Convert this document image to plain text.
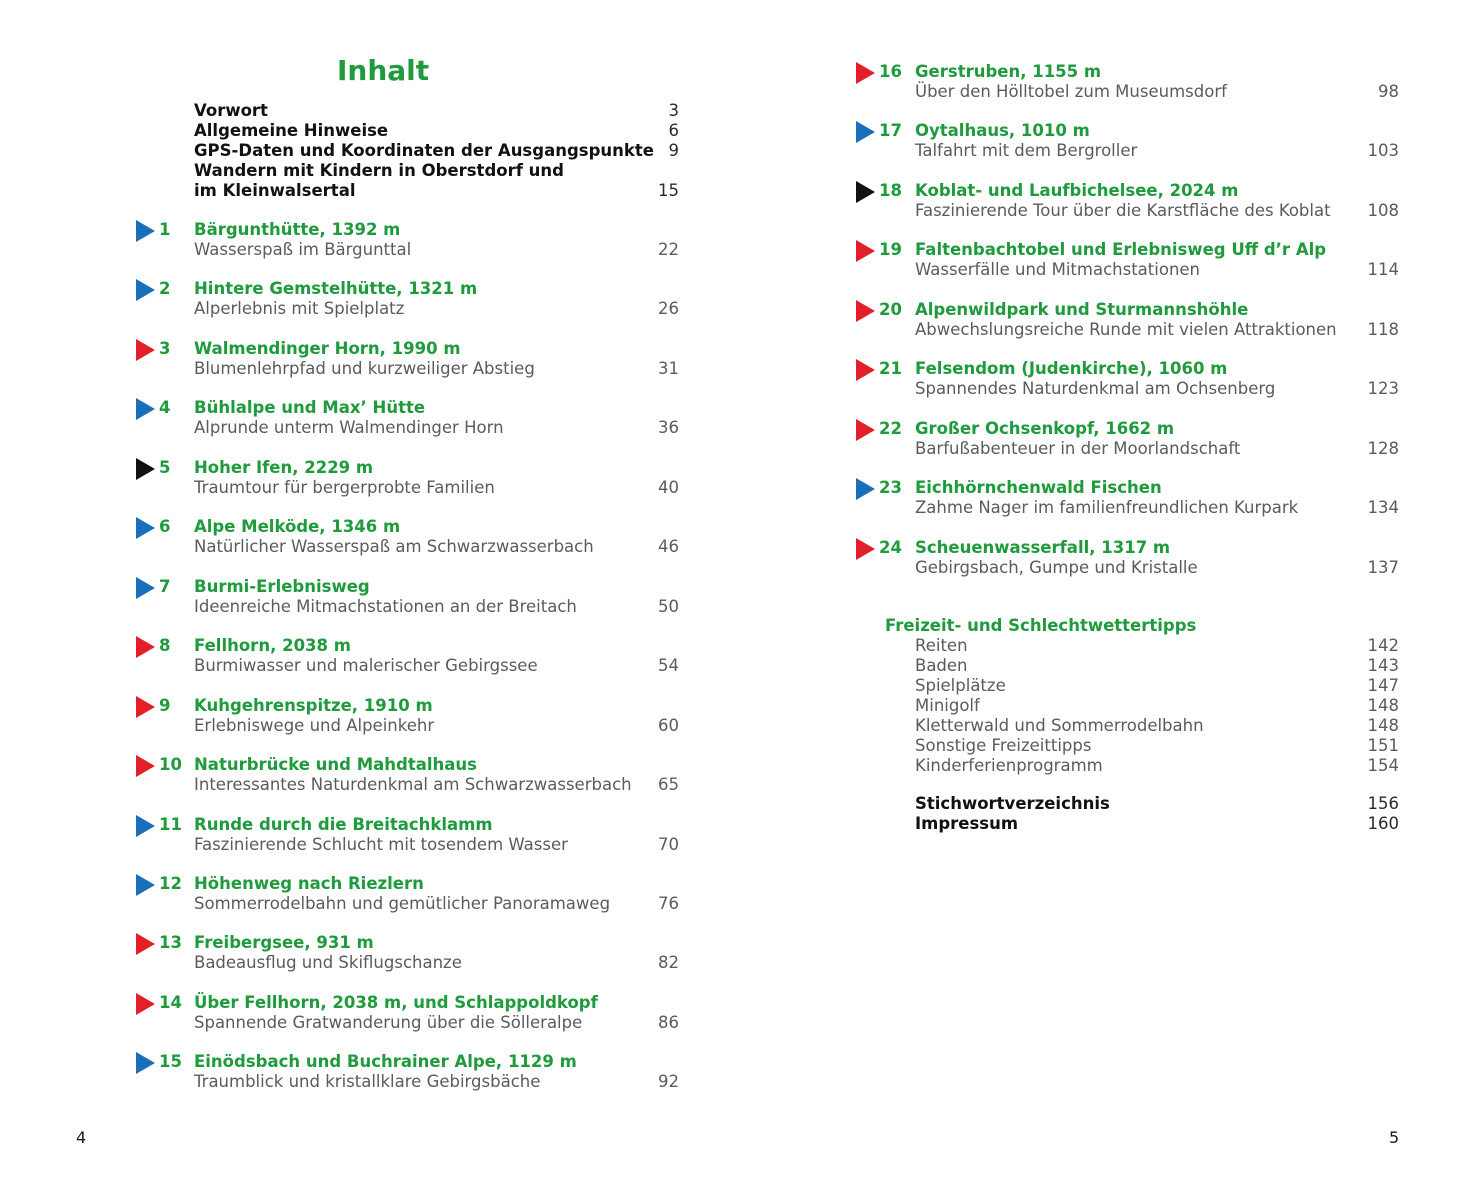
Inhalt
Vorwort	3
Allgemeine Hinweise	6
GPS-Daten und Koordinaten der Ausgangspunkte 9
Wandern mit Kindern in Oberstdorf und
im Kleinwalsertal	15
1 Bärgunthütte, 1392 m
Wasserspaß im Bärgunttal	22
2 Hintere Gemstelhütte, 1321 m
Alperlebnis mit Spielplatz	26
3 Walmendinger Horn, 1990 m
Blumenlehrpfad und kurzweiliger Abstieg	31
4 Bühlalpe und Max’ Hütte
Alprunde unterm Walmendinger Horn	36
5 Hoher Ifen, 2229 m
Traumtour für bergerprobte Familien	40
6 Alpe Melköde, 1346 m
Natürlicher Wasserspaß am Schwarzwasserbach	46
7 Burmi-Erlebnisweg
Ideenreiche Mitmachstationen an der Breitach	50
8 Fellhorn, 2038 m
Burmiwasser und malerischer Gebirgssee	54
9 Kuhgehrenspitze, 1910 m
Erlebniswege und Alpeinkehr	60
10 Naturbrücke und Mahdtalhaus
Interessantes Naturdenkmal am Schwarzwasserbach	65
11 Runde durch die Breitachklamm
Faszinierende Schlucht mit tosendem Wasser	70
12 Höhenweg nach Riezlern
Sommerrodelbahn und gemütlicher Panoramaweg	76
13 Freibergsee, 931 m
Badeausflug und Skiflugschanze	82
14 Über Fellhorn, 2038 m, und Schlappoldkopf
Spannende Gratwanderung über die Sölleralpe	86
15 Einödsbach und Buchrainer Alpe, 1129 m
Traumblick und kristallklare Gebirgsbäche	92
4
16 Gerstruben, 1155 m
Über den Hölltobel zum Museumsdorf	98
17 Oytalhaus, 1010 m
Talfahrt mit dem Bergroller	103
18 Koblat- und Laufbichelsee, 2024 m
Faszinierende Tour über die Karstfläche des Koblat	108
19 Faltenbachtobel und Erlebnisweg Uff d’r Alp
Wasserfälle und Mitmachstationen	114
20 Alpenwildpark und Sturmannshöhle
Abwechslungsreiche Runde mit vielen Attraktionen	118
21 Felsendom (Judenkirche), 1060 m
Spannendes Naturdenkmal am Ochsenberg	123
22 Großer Ochsenkopf, 1662 m
Barfußabenteuer in der Moorlandschaft	128
23 Eichhörnchenwald Fischen
Zahme Nager im familienfreundlichen Kurpark	134
24 Scheuenwasserfall, 1317 m
Gebirgsbach, Gumpe und Kristalle	137
Freizeit- und Schlechtwettertipps
Reiten	142
Baden	143
Spielplätze	147
Minigolf	148
Kletterwald und Sommerrodelbahn	148
Sonstige Freizeittipps	151
Kinderferienprogramm	154
Stichwortverzeichnis	156
Impressum	160
5
